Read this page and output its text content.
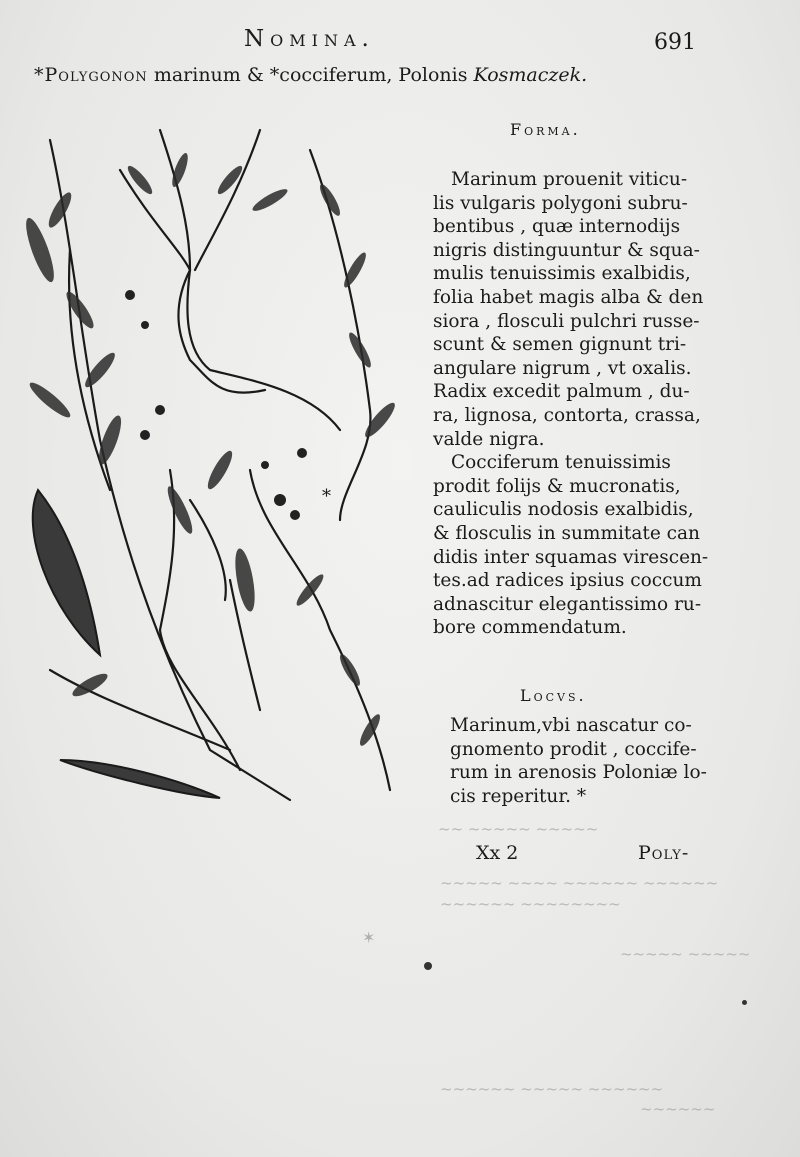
✶
~~ ~~~~~ ~~~~~
~~~~~ ~~~~ ~~~~~~ ~~~~~~
~~~~~~ ~~~~~~~~
~~~~~ ~~~~~
~~~~~~ ~~~~~ ~~~~~~
~~~~~~
Nomina.	691
*Polygonon marinum & *cocciferum, Polonis Kosmaczek.
*
Forma.
Marinum prouenit viticu-
lis vulgaris polygoni subru-
bentibus , quæ internodijs
nigris distinguuntur & squa-
mulis tenuissimis exalbidis,
folia habet magis alba & den
siora , flosculi pulchri russe-
scunt & semen gignunt tri-
angulare nigrum , vt oxalis.
Radix excedit palmum , du-
ra, lignosa, contorta, crassa,
valde nigra.
Cocciferum tenuissimis
prodit folijs & mucronatis,
cauliculis nodosis exalbidis,
& flosculis in summitate can
didis inter squamas virescen-
tes.ad radices ipsius coccum
adnascitur elegantissimo ru-
bore commendatum.
Locvs.
Marinum,vbi nascatur co-
gnomento prodit , coccife-
rum in arenosis Poloniæ lo-
cis reperitur. *
Xx 2	Poly-
